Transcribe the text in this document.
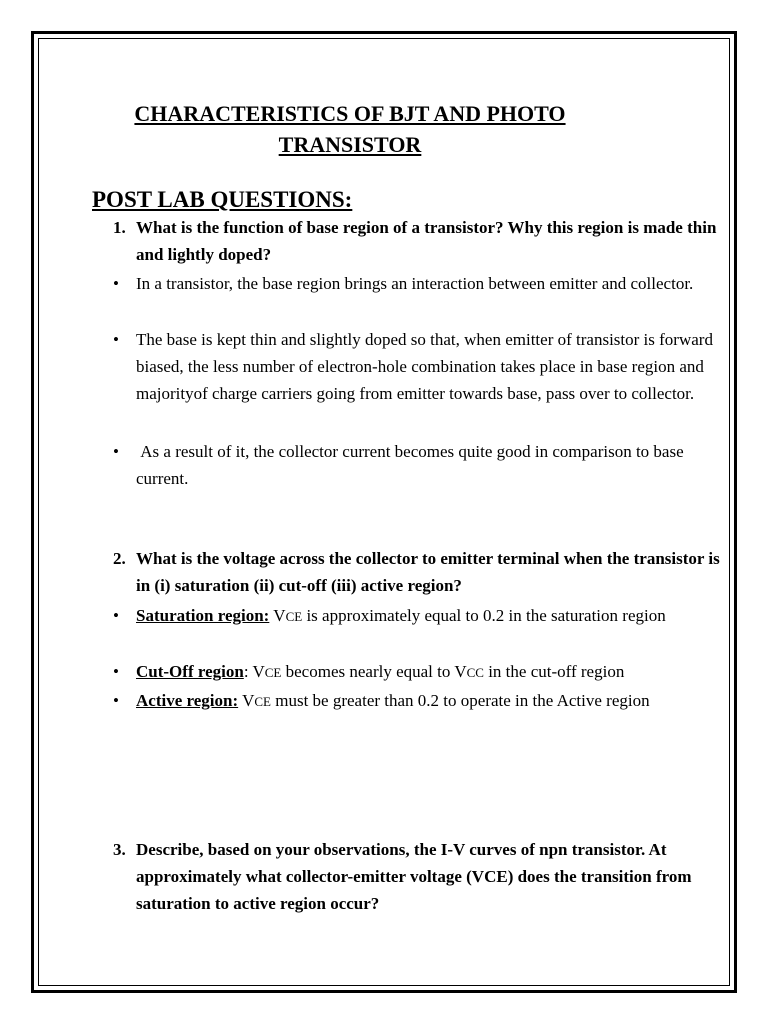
CHARACTERISTICS OF BJT AND PHOTO
TRANSISTOR
POST LAB QUESTIONS:
1. What is the function of base region of a transistor? Why this region is made thin and lightly doped?
•	In a transistor, the base region brings an interaction between emitter and collector.
•	The base is kept thin and slightly doped so that, when emitter of transistor is forward biased, the less number of electron-hole combination takes place in base region and majorityof charge carriers going from emitter towards base, pass over to collector.
•	As a result of it, the collector current becomes quite good in comparison to base current.
2. What is the voltage across the collector to emitter terminal when the transistor is in (i) saturation (ii) cut-off (iii) active region?
•	Saturation region: VCE is approximately equal to 0.2 in the saturation region
•	Cut-Off region: VCE becomes nearly equal to VCC in the cut-off region
•	Active region: VCE must be greater than 0.2 to operate in the Active region
3. Describe, based on your observations, the I-V curves of npn transistor. At approximately what collector-emitter voltage (VCE) does the transition from saturation to active region occur?
